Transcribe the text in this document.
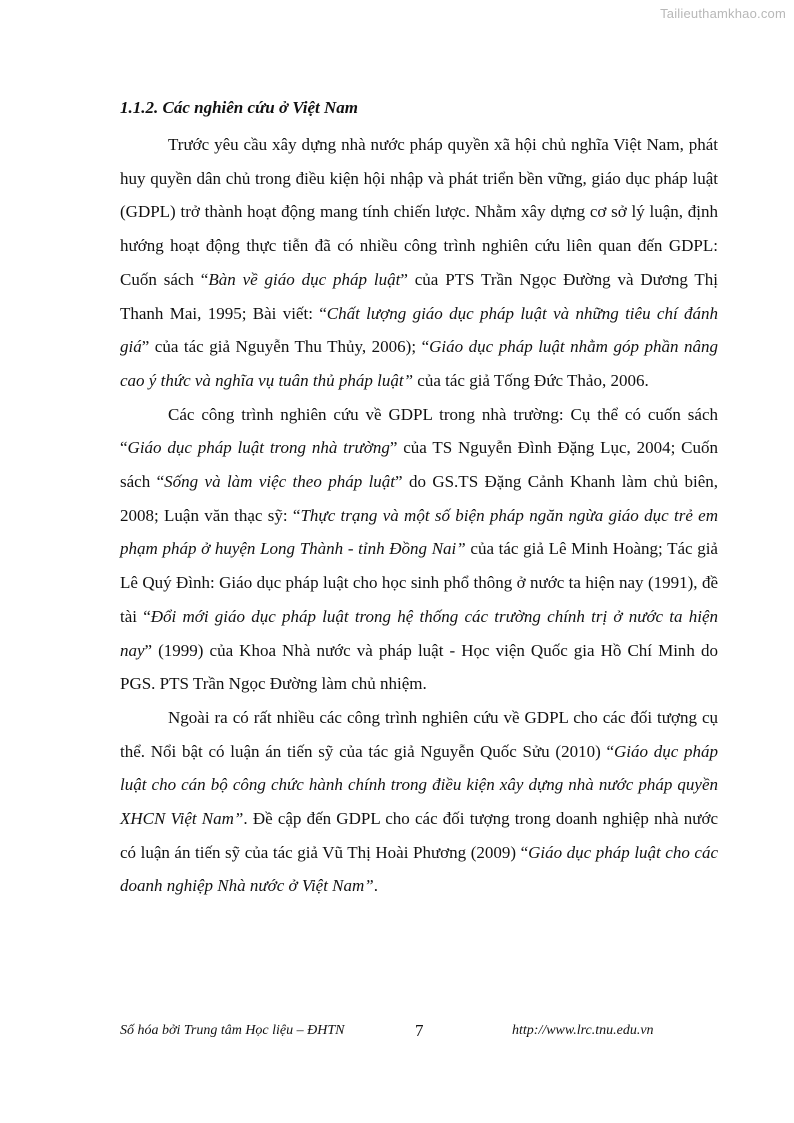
Tailieuthamkhao.com
1.1.2. Các nghiên cứu ở Việt Nam

Trước yêu cầu xây dựng nhà nước pháp quyền xã hội chủ nghĩa Việt Nam, phát huy quyền dân chủ trong điều kiện hội nhập và phát triển bền vững, giáo dục pháp luật (GDPL) trở thành hoạt động mang tính chiến lược. Nhằm xây dựng cơ sở lý luận, định hướng hoạt động thực tiễn đã có nhiều công trình nghiên cứu liên quan đến GDPL: Cuốn sách “Bàn về giáo dục pháp luật” của PTS Trần Ngọc Đường và Dương Thị Thanh Mai, 1995; Bài viết: “Chất lượng giáo dục pháp luật và những tiêu chí đánh giá” của tác giả Nguyễn Thu Thủy, 2006); “Giáo dục pháp luật nhằm góp phần nâng cao ý thức và nghĩa vụ tuân thủ pháp luật” của tác giả Tống Đức Thảo, 2006.

Các công trình nghiên cứu về GDPL trong nhà trường: Cụ thể có cuốn sách “Giáo dục pháp luật trong nhà trường” của TS Nguyễn Đình Đặng Lục, 2004; Cuốn sách “Sống và làm việc theo pháp luật” do GS.TS Đặng Cảnh Khanh làm chủ biên, 2008; Luận văn thạc sỹ: “Thực trạng và một số biện pháp ngăn ngừa giáo dục trẻ em phạm pháp ở huyện Long Thành - tỉnh Đồng Nai” của tác giả Lê Minh Hoàng; Tác giả Lê Quý Đình: Giáo dục pháp luật cho học sinh phổ thông ở nước ta hiện nay (1991), đề tài “Đổi mới giáo dục pháp luật trong hệ thống các trường chính trị ở nước ta hiện nay” (1999) của Khoa Nhà nước và pháp luật - Học viện Quốc gia Hồ Chí Minh do PGS. PTS Trần Ngọc Đường làm chủ nhiệm.

Ngoài ra có rất nhiều các công trình nghiên cứu về GDPL cho các đối tượng cụ thể. Nổi bật có luận án tiến sỹ của tác giả Nguyễn Quốc Sửu (2010) “Giáo dục pháp luật cho cán bộ công chức hành chính trong điều kiện xây dựng nhà nước pháp quyền XHCN Việt Nam”. Đề cập đến GDPL cho các đối tượng trong doanh nghiệp nhà nước có luận án tiến sỹ của tác giả Vũ Thị Hoài Phương (2009) “Giáo dục pháp luật cho các doanh nghiệp Nhà nước ở Việt Nam”.

Số hóa bởi Trung tâm Học liệu – ĐHTN	7	http://www.lrc.tnu.edu.vn
